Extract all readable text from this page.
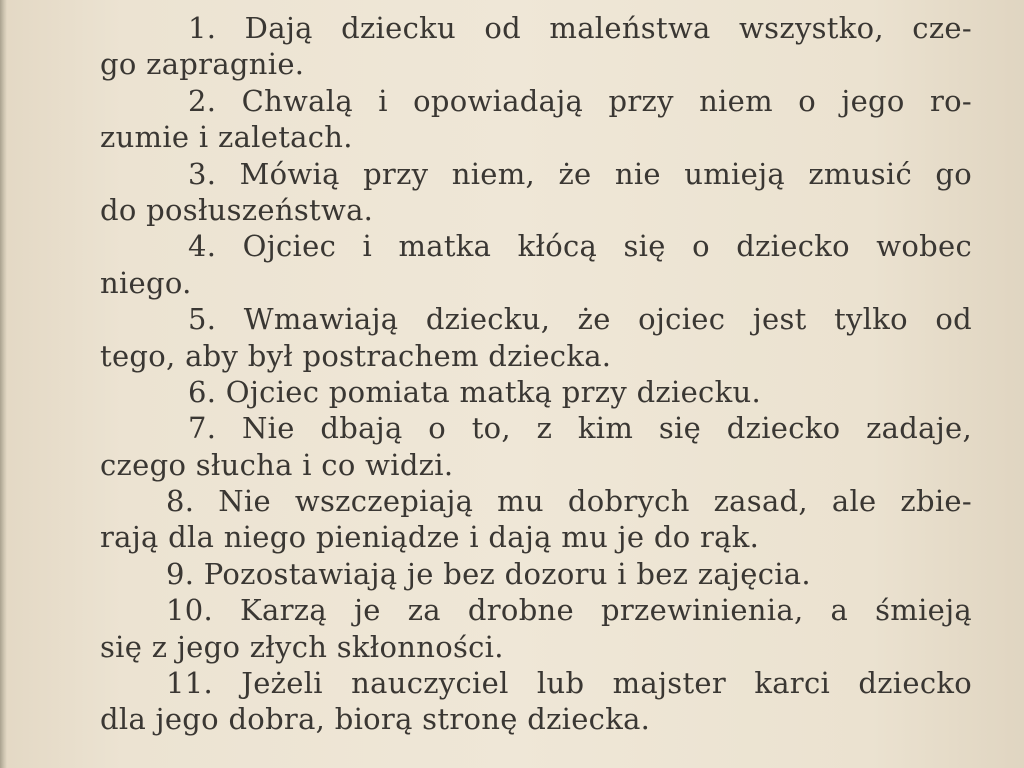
1. Dają dziecku od maleństwa wszystko, cze-
go zapragnie.
2. Chwalą i opowiadają przy niem o jego ro-
zumie i zaletach.
3. Mówią przy niem, że nie umieją zmusić go
do posłuszeństwa.
4. Ojciec i matka kłócą się o dziecko wobec
niego.
5. Wmawiają dziecku, że ojciec jest tylko od
tego, aby był postrachem dziecka.
6. Ojciec pomiata matką przy dziecku.
7. Nie dbają o to, z kim się dziecko zadaje,
czego słucha i co widzi.
8. Nie wszczepiają mu dobrych zasad, ale zbie-
rają dla niego pieniądze i dają mu je do rąk.
9. Pozostawiają je bez dozoru i bez zajęcia.
10. Karzą je za drobne przewinienia, a śmieją
się z jego złych skłonności.
11. Jeżeli nauczyciel lub majster karci dziecko
dla jego dobra, biorą stronę dziecka.
